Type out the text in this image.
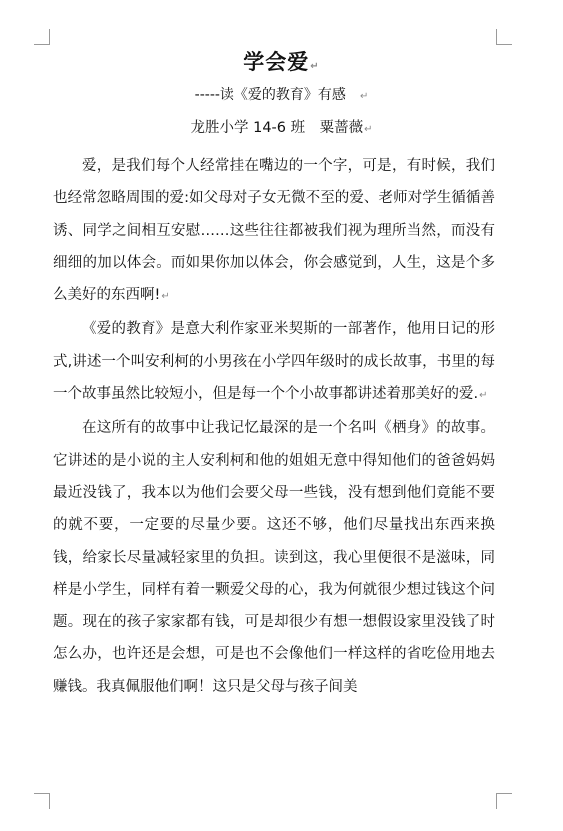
学会爱↵
-----读《爱的教育》有感 ↵
龙胜小学 14-6 班　粟蔷薇↵

爱，是我们每个人经常挂在嘴边的一个字，可是，有时候，我们也经常忽略周围的爱:如父母对子女无微不至的爱、老师对学生循循善诱、同学之间相互安慰……这些往往都被我们视为理所当然，而没有细细的加以体会。而如果你加以体会，你会感觉到，人生，这是个多么美好的东西啊!↵

《爱的教育》是意大利作家亚米契斯的一部著作，他用日记的形式,讲述一个叫安利柯的小男孩在小学四年级时的成长故事，书里的每一个故事虽然比较短小，但是每一个个小故事都讲述着那美好的爱.↵

在这所有的故事中让我记忆最深的是一个名叫《栖身》的故事。它讲述的是小说的主人安利柯和他的姐姐无意中得知他们的爸爸妈妈最近没钱了，我本以为他们会要父母一些钱，没有想到他们竟能不要的就不要，一定要的尽量少要。这还不够，他们尽量找出东西来换钱，给家长尽量减轻家里的负担。读到这，我心里便很不是滋味，同样是小学生，同样有着一颗爱父母的心，我为何就很少想过钱这个问题。现在的孩子家家都有钱，可是却很少有想一想假设家里没钱了时怎么办，也许还是会想，可是也不会像他们一样这样的省吃俭用地去赚钱。我真佩服他们啊！这只是父母与孩子间美
